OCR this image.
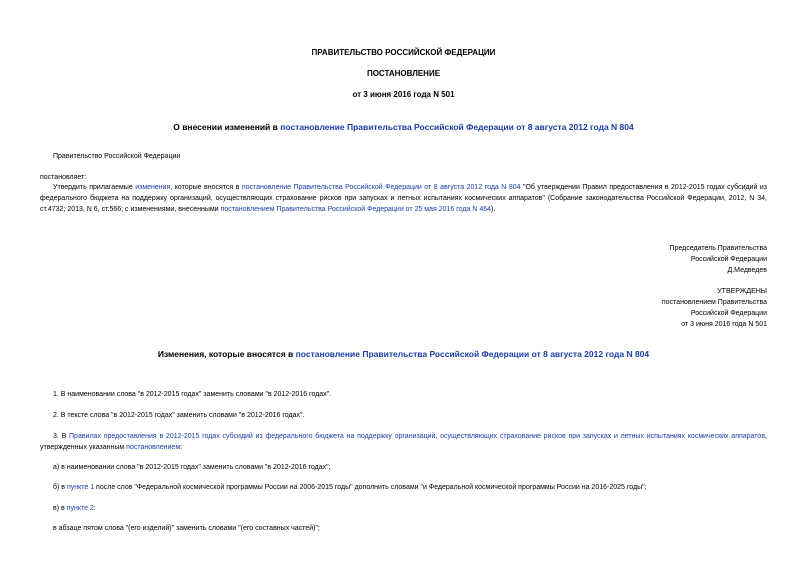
ПРАВИТЕЛЬСТВО РОССИЙСКОЙ ФЕДЕРАЦИИ
ПОСТАНОВЛЕНИЕ
от 3 июня 2016 года N 501
О внесении изменений в постановление Правительства Российской Федерации от 8 августа 2012 года N 804
Правительство Российской Федерации
постановляет:
Утвердить прилагаемые изменения, которые вносятся в постановление Правительства Российской Федерации от 8 августа 2012 года N 804 "Об утверждении Правил предоставления в 2012-2015 годах субсидий из федерального бюджета на поддержку организаций, осуществляющих страхование рисков при запусках и летных испытаниях космических аппаратов" (Собрание законодательства Российской Федерации, 2012, N 34, ст.4732; 2013, N 6, ст.566; с изменениями, внесенными постановлением Правительства Российской Федерации от 25 мая 2016 года N 464).
Председатель Правительства
Российской Федерации
Д.Медведев
УТВЕРЖДЕНЫ
постановлением Правительства
Российской Федерации
от 3 июня 2016 года N 501
Изменения, которые вносятся в постановление Правительства Российской Федерации от 8 августа 2012 года N 804
1. В наименовании слова "в 2012-2015 годах" заменить словами "в 2012-2016 годах".
2. В тексте слова "в 2012-2015 годах" заменить словами "в 2012-2016 годах".
3. В Правилах предоставления в 2012-2015 годах субсидий из федерального бюджета на поддержку организаций, осуществляющих страхование рисков при запусках и летных испытаниях космических аппаратов, утвержденных указанным постановлением:
а) в наименовании слова "в 2012-2015 годах" заменить словами "в 2012-2016 годах";
б) в пункте 1 после слов "Федеральной космической программы России на 2006-2015 годы" дополнить словами "и Федеральной космической программы России на 2016-2025 годы";
в) в пункте 2:
в абзаце пятом слова "(его изделий)" заменить словами "(его составных частей)";
